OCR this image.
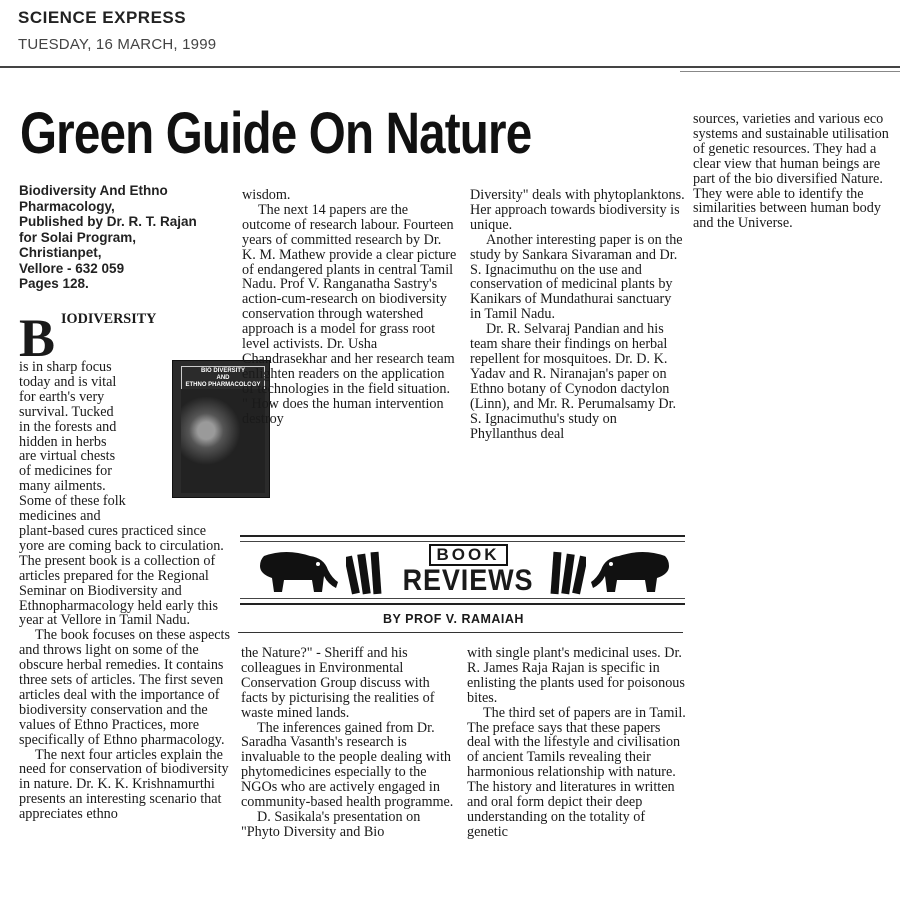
SCIENCE EXPRESS
TUESDAY, 16 MARCH, 1999
Green Guide On Nature	sources, varieties and various eco systems and sustainable utilisation of genetic resources. They had a clear view that human beings are part of the bio diversified Nature. They were able to identify the similarities between human body and the Universe.

Biodiversity And Ethno
Pharmacology,
Published by Dr. R. T. Rajan
for Solai Program,
Christianpet,
Vellore - 632 059
Pages 128.

B IODIVERSITY

is in sharp focus today and is vital for earth's very survival. Tucked in the forests and hidden in herbs are virtual chests of medicines for many ailments. Some of these folk medicines and plant-based cures practiced since yore are coming back to circulation. The present book is a collection of articles prepared for the Regional Seminar on Biodiversity and Ethnopharmacology held early this year at Vellore in Tamil Nadu.

The book focuses on these aspects and throws light on some of the obscure herbal remedies. It contains three sets of articles. The first seven articles deal with the importance of biodiversity conservation and the values of Ethno Practices, more specifically of Ethno pharmacology.

The next four articles explain the need for conservation of biodiversity in nature. Dr. K. K. Krishnamurthi presents an interesting scenario that appreciates ethno

BIO DIVERSITY
AND
ETHNO PHARMACOLOGY

wisdom.

The next 14 papers are the outcome of research labour. Fourteen years of committed research by Dr. K. M. Mathew provide a clear picture of endangered plants in central Tamil Nadu. Prof V. Ranganatha Sastry's action-cum-research on biodiversity conservation through watershed approach is a model for grass root level activists. Dr. Usha Chandrasekhar and her research team enlighten readers on the application of technologies in the field situation. " How does the human intervention destroy

Diversity" deals with phytoplanktons. Her approach towards biodiversity is unique.

Another interesting paper is on the study by Sankara Sivaraman and Dr. S. Ignacimuthu on the use and conservation of medicinal plants by Kanikars of Mundathurai sanctuary in Tamil Nadu.

Dr. R. Selvaraj Pandian and his team share their findings on herbal repellent for mosquitoes. Dr. D. K. Yadav and R. Niranajan's paper on Ethno botany of Cynodon dactylon (Linn), and Mr. R. Perumalsamy Dr. S. Ignacimuthu's study on Phyllanthus deal

BOOK
REVIEWS
BY PROF V. RAMAIAH

the Nature?" - Sheriff and his colleagues in Environmental Conservation Group discuss with facts by picturising the realities of waste mined lands.

The inferences gained from Dr. Saradha Vasanth's research is invaluable to the people dealing with phytomedicines especially to the NGOs who are actively engaged in community-based health programme.

D. Sasikala's presentation on "Phyto Diversity and Bio

with single plant's medicinal uses. Dr. R. James Raja Rajan is specific in enlisting the plants used for poisonous bites.

The third set of papers are in Tamil. The preface says that these papers deal with the lifestyle and civilisation of ancient Tamils revealing their harmonious relationship with nature. The history and literatures in written and oral form depict their deep understanding on the totality of genetic
